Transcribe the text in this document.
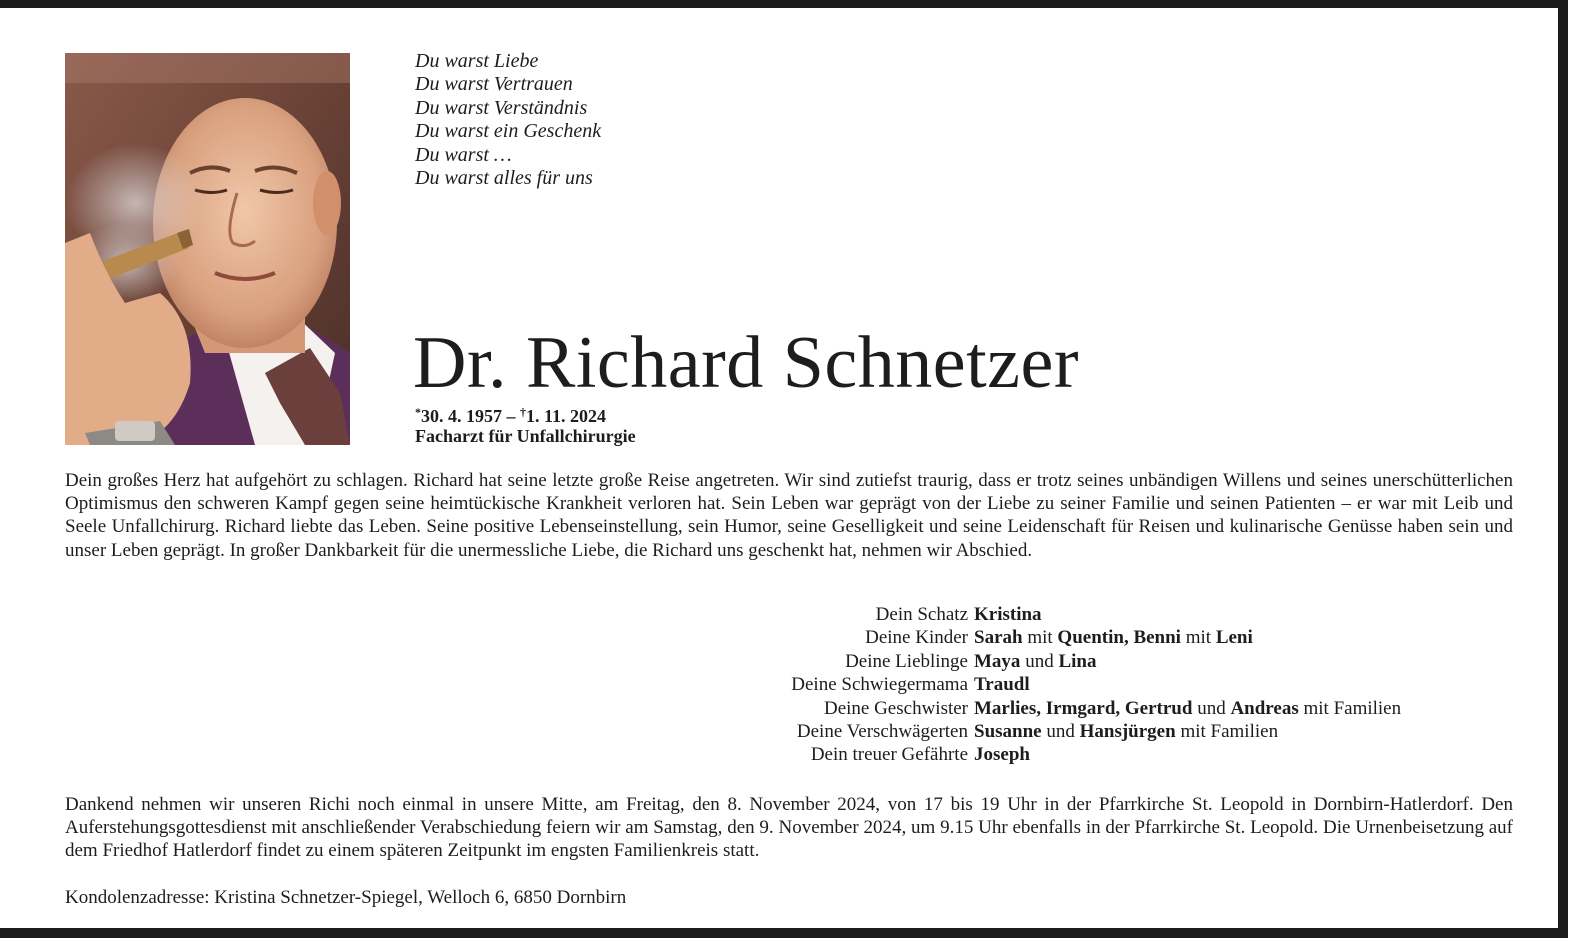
Du warst Liebe
Du warst Vertrauen
Du warst Verständnis
Du warst ein Geschenk
Du warst …
Du warst alles für uns
Dr. Richard Schnetzer
*30. 4. 1957 – †1. 11. 2024
Facharzt für Unfallchirurgie
Dein großes Herz hat aufgehört zu schlagen. Richard hat seine letzte große Reise angetreten. Wir sind zutiefst traurig, dass er trotz seines unbändigen Willens und seines unerschütterlichen Optimismus den schweren Kampf gegen seine heimtückische Krankheit verloren hat. Sein Leben war geprägt von der Liebe zu seiner Familie und seinen Patienten – er war mit Leib und Seele Unfallchirurg. Richard liebte das Leben. Seine positive Lebenseinstellung, sein Humor, seine Geselligkeit und seine Leidenschaft für Reisen und kulinarische Genüsse haben sein und unser Leben geprägt. In großer Dankbarkeit für die unermessliche Liebe, die Richard uns geschenkt hat, nehmen wir Abschied.
Dein Schatz	Kristina
Deine Kinder	Sarah mit Quentin, Benni mit Leni
Deine Lieblinge	Maya und Lina
Deine Schwiegermama	Traudl
Deine Geschwister	Marlies, Irmgard, Gertrud und Andreas mit Familien
Deine Verschwägerten	Susanne und Hansjürgen mit Familien
Dein treuer Gefährte	Joseph
Dankend nehmen wir unseren Richi noch einmal in unsere Mitte, am Freitag, den 8. November 2024, von 17 bis 19 Uhr in der Pfarrkirche St. Leopold in Dornbirn-Hatlerdorf. Den Auferstehungsgottesdienst mit anschließender Verabschiedung feiern wir am Samstag, den 9. November 2024, um 9.15 Uhr ebenfalls in der Pfarrkirche St. Leopold. Die Urnenbeisetzung auf dem Friedhof Hatlerdorf findet zu einem späteren Zeitpunkt im engsten Familienkreis statt.
Kondolenzadresse: Kristina Schnetzer-Spiegel, Welloch 6, 6850 Dornbirn
